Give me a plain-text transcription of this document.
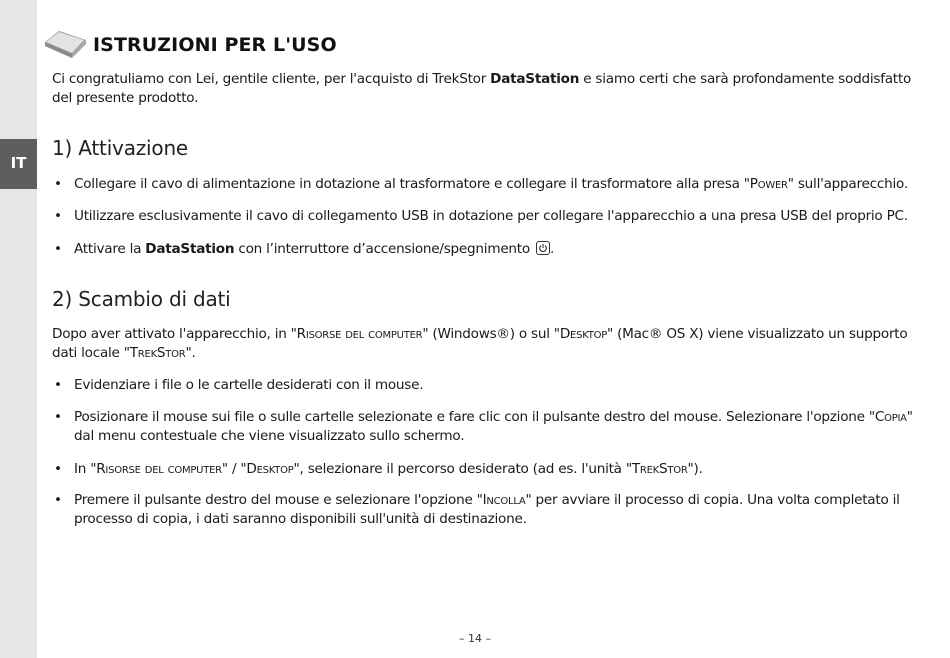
IT
ISTRUZIONI PER L'USO
Ci congratuliamo con Lei, gentile cliente, per l'acquisto di TrekStor DataStation e siamo certi che sarà profondamente soddisfatto del presente prodotto.
1) Attivazione
• Collegare il cavo di alimentazione in dotazione al trasformatore e collegare il trasformatore alla presa "Power" sull'apparecchio.
• Utilizzare esclusivamente il cavo di collegamento USB in dotazione per collegare l'apparecchio a una presa USB del proprio PC.
• Attivare la DataStation con l’interruttore d’accensione/spegnimento
.
2) Scambio di dati
Dopo aver attivato l'apparecchio, in "Risorse del computer" (Windows®) o sul "Desktop" (Mac® OS X) viene visualizzato un supporto dati locale "TrekStor".
• Evidenziare i file o le cartelle desiderati con il mouse.
• Posizionare il mouse sui file o sulle cartelle selezionate e fare clic con il pulsante destro del mouse. Selezionare l'opzione "Copia" dal menu contestuale che viene visualizzato sullo schermo.
• In "Risorse del computer" / "Desktop", selezionare il percorso desiderato (ad es. l'unità "TrekStor").
• Premere il pulsante destro del mouse e selezionare l'opzione "Incolla" per avviare il processo di copia. Una volta completato il processo di copia, i dati saranno disponibili sull'unità di destinazione.
– 14 –
